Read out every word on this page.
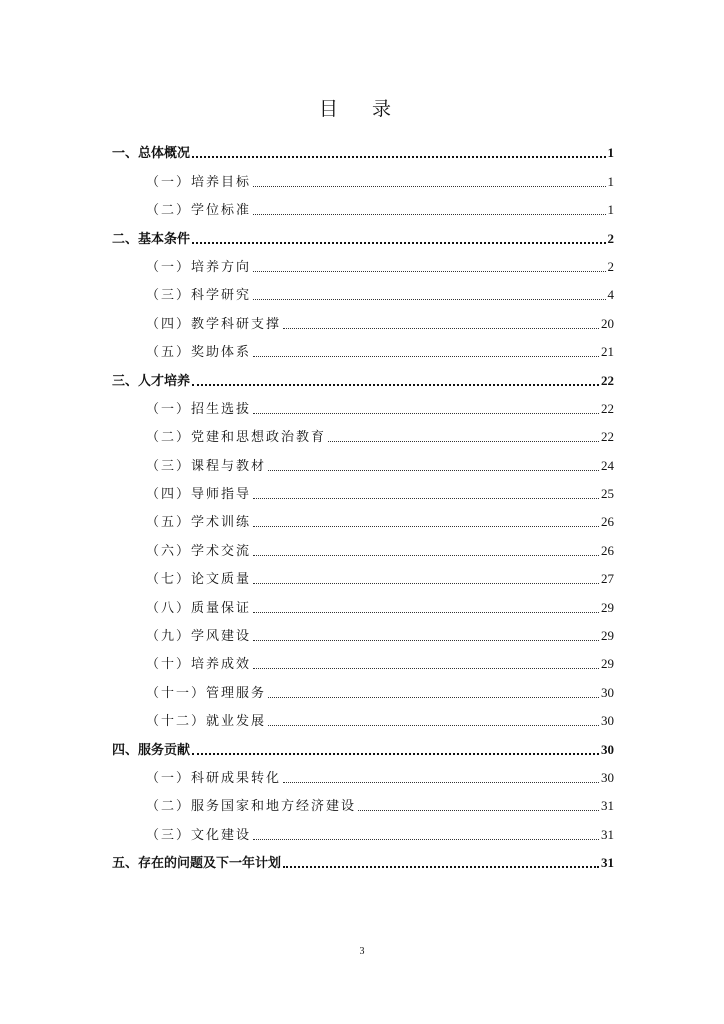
目 录
一、总体概况	1
（一）培养目标	1
（二）学位标准	1
二、基本条件	2
（一）培养方向	2
（三）科学研究	4
（四）教学科研支撑	20
（五）奖助体系	21
三、人才培养	22
（一）招生选拔	22
（二）党建和思想政治教育	22
（三）课程与教材	24
（四）导师指导	25
（五）学术训练	26
（六）学术交流	26
（七）论文质量	27
（八）质量保证	29
（九）学风建设	29
（十）培养成效	29
（十一）管理服务	30
（十二）就业发展	30
四、服务贡献	30
（一）科研成果转化	30
（二）服务国家和地方经济建设	31
（三）文化建设	31
五、存在的问题及下一年计划	31
3
